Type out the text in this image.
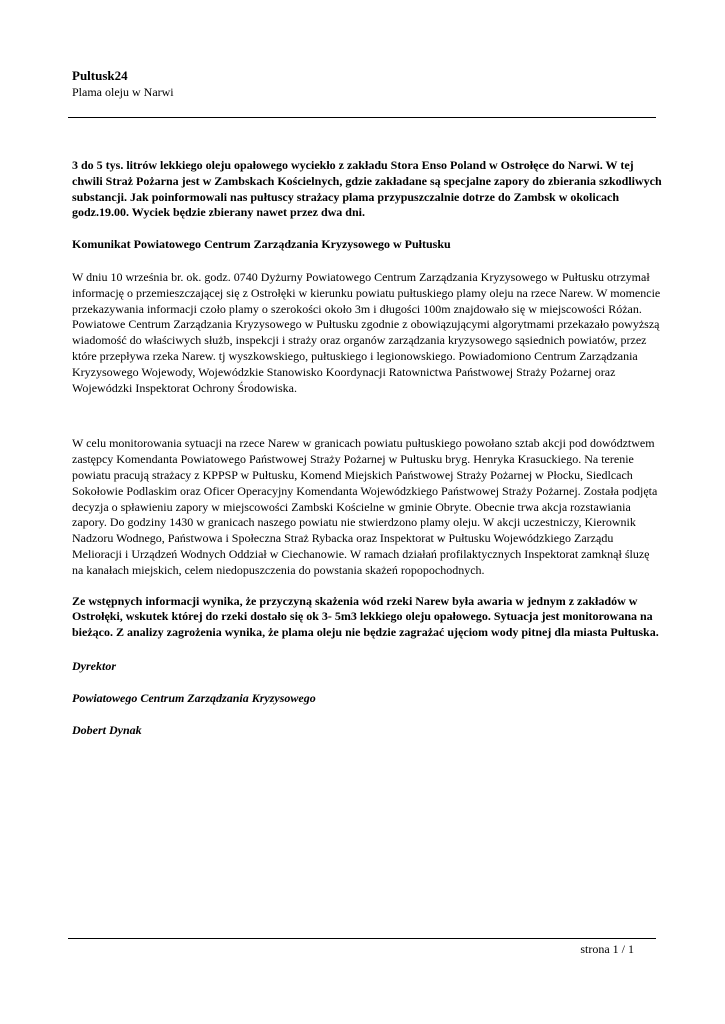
Pultusk24
Plama oleju w Narwi

3 do 5 tys. litrów lekkiego oleju opałowego wyciekło z zakładu Stora Enso Poland w Ostrołęce do Narwi. W tej chwili Straż Pożarna jest w Zambskach Kościelnych, gdzie zakładane są specjalne zapory do zbierania szkodliwych substancji. Jak poinformowali nas pułtuscy strażacy plama przypuszczalnie dotrze do Zambsk w okolicach godz.19.00. Wyciek będzie zbierany nawet przez dwa dni.

Komunikat Powiatowego Centrum Zarządzania Kryzysowego w Pułtusku

W dniu 10 września br. ok. godz. 0740 Dyżurny Powiatowego Centrum Zarządzania Kryzysowego w Pułtusku otrzymał informację o przemieszczającej się z Ostrołęki w kierunku powiatu pułtuskiego plamy oleju na rzece Narew. W momencie przekazywania informacji czoło plamy o szerokości około 3m i długości 100m znajdowało się w miejscowości Różan. Powiatowe Centrum Zarządzania Kryzysowego w Pułtusku zgodnie z obowiązującymi algorytmami przekazało powyższą wiadomość do właściwych służb, inspekcji i straży oraz organów zarządzania kryzysowego sąsiednich powiatów, przez które przepływa rzeka Narew. tj wyszkowskiego, pułtuskiego i legionowskiego. Powiadomiono Centrum Zarządzania Kryzysowego Wojewody, Wojewódzkie Stanowisko Koordynacji Ratownictwa Państwowej Straży Pożarnej oraz Wojewódzki Inspektorat Ochrony Środowiska.

W celu monitorowania sytuacji na rzece Narew w granicach powiatu pułtuskiego powołano sztab akcji pod dowództwem zastępcy Komendanta Powiatowego Państwowej Straży Pożarnej w Pułtusku bryg. Henryka Krasuckiego. Na terenie powiatu pracują strażacy z KPPSP w Pułtusku, Komend Miejskich Państwowej Straży Pożarnej w Płocku, Siedlcach Sokołowie Podlaskim oraz Oficer Operacyjny Komendanta Wojewódzkiego Państwowej Straży Pożarnej. Została podjęta decyzja o spławieniu zapory w miejscowości Zambski Kościelne w gminie Obryte. Obecnie trwa akcja rozstawiania zapory. Do godziny 1430 w granicach naszego powiatu nie stwierdzono plamy oleju. W akcji uczestniczy, Kierownik Nadzoru Wodnego, Państwowa i Społeczna Straż Rybacka oraz Inspektorat w Pułtusku Wojewódzkiego Zarządu Melioracji i Urządzeń Wodnych Oddział w Ciechanowie. W ramach działań profilaktycznych Inspektorat zamknął śluzę na kanałach miejskich, celem niedopuszczenia do powstania skażeń ropopochodnych.

Ze wstępnych informacji wynika, że przyczyną skażenia wód rzeki Narew była awaria w jednym z zakładów w Ostrołęki, wskutek której do rzeki dostało się ok 3- 5m3 lekkiego oleju opałowego. Sytuacja jest monitorowana na bieżąco. Z analizy zagrożenia wynika, że plama oleju nie będzie zagrażać ujęciom wody pitnej dla miasta Pułtuska.

Dyrektor

Powiatowego Centrum Zarządzania Kryzysowego

Dobert Dynak

strona 1 / 1
